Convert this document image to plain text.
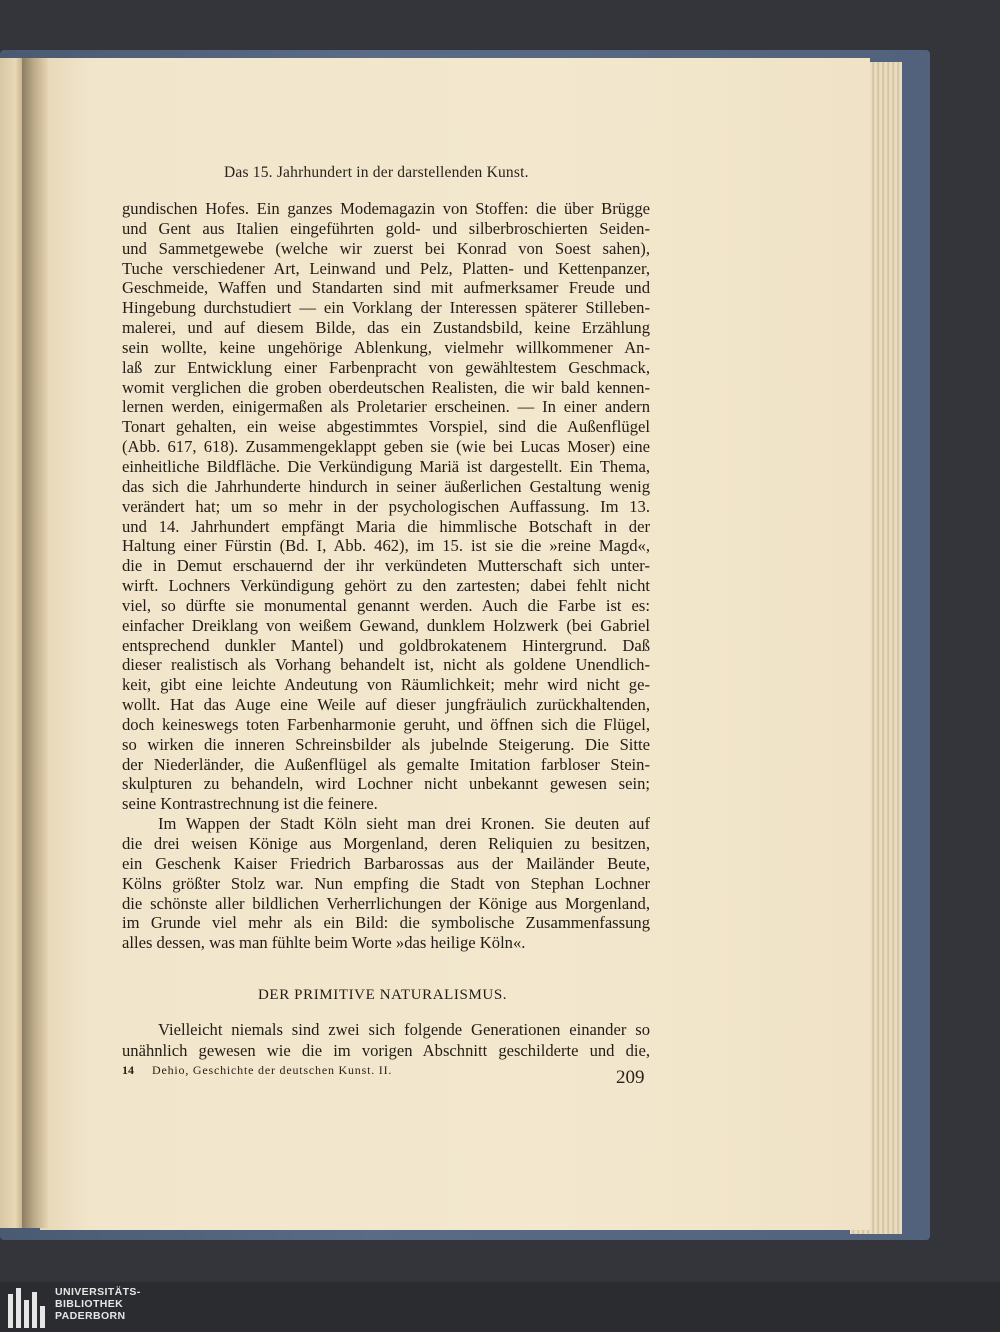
Das 15. Jahrhundert in der darstellenden Kunst.
gundischen Hofes. Ein ganzes Modemagazin von Stoffen: die über Brügge
und Gent aus Italien eingeführten gold- und silberbroschierten Seiden-
und Sammetgewebe (welche wir zuerst bei Konrad von Soest sahen),
Tuche verschiedener Art, Leinwand und Pelz, Platten- und Kettenpanzer,
Geschmeide, Waffen und Standarten sind mit aufmerksamer Freude und
Hingebung durchstudiert — ein Vorklang der Interessen späterer Stilleben-
malerei, und auf diesem Bilde, das ein Zustandsbild, keine Erzählung
sein wollte, keine ungehörige Ablenkung, vielmehr willkommener An-
laß zur Entwicklung einer Farbenpracht von gewähltestem Geschmack,
womit verglichen die groben oberdeutschen Realisten, die wir bald kennen-
lernen werden, einigermaßen als Proletarier erscheinen. — In einer andern
Tonart gehalten, ein weise abgestimmtes Vorspiel, sind die Außenflügel
(Abb. 617, 618). Zusammengeklappt geben sie (wie bei Lucas Moser) eine
einheitliche Bildfläche. Die Verkündigung Mariä ist dargestellt. Ein Thema,
das sich die Jahrhunderte hindurch in seiner äußerlichen Gestaltung wenig
verändert hat; um so mehr in der psychologischen Auffassung. Im 13.
und 14. Jahrhundert empfängt Maria die himmlische Botschaft in der
Haltung einer Fürstin (Bd. I, Abb. 462), im 15. ist sie die »reine Magd«,
die in Demut erschauernd der ihr verkündeten Mutterschaft sich unter-
wirft. Lochners Verkündigung gehört zu den zartesten; dabei fehlt nicht
viel, so dürfte sie monumental genannt werden. Auch die Farbe ist es:
einfacher Dreiklang von weißem Gewand, dunklem Holzwerk (bei Gabriel
entsprechend dunkler Mantel) und goldbrokatenem Hintergrund. Daß
dieser realistisch als Vorhang behandelt ist, nicht als goldene Unendlich-
keit, gibt eine leichte Andeutung von Räumlichkeit; mehr wird nicht ge-
wollt. Hat das Auge eine Weile auf dieser jungfräulich zurückhaltenden,
doch keineswegs toten Farbenharmonie geruht, und öffnen sich die Flügel,
so wirken die inneren Schreinsbilder als jubelnde Steigerung. Die Sitte
der Niederländer, die Außenflügel als gemalte Imitation farbloser Stein-
skulpturen zu behandeln, wird Lochner nicht unbekannt gewesen sein;
seine Kontrastrechnung ist die feinere.
Im Wappen der Stadt Köln sieht man drei Kronen. Sie deuten auf
die drei weisen Könige aus Morgenland, deren Reliquien zu besitzen,
ein Geschenk Kaiser Friedrich Barbarossas aus der Mailänder Beute,
Kölns größter Stolz war. Nun empfing die Stadt von Stephan Lochner
die schönste aller bildlichen Verherrlichungen der Könige aus Morgenland,
im Grunde viel mehr als ein Bild: die symbolische Zusammenfassung
alles dessen, was man fühlte beim Worte »das heilige Köln«.
DER PRIMITIVE NATURALISMUS.
Vielleicht niemals sind zwei sich folgende Generationen einander so
unähnlich gewesen wie die im vorigen Abschnitt geschilderte und die,
14 Dehio, Geschichte der deutschen Kunst. II.	209
UNIVERSITÄTS-
BIBLIOTHEK
PADERBORN
